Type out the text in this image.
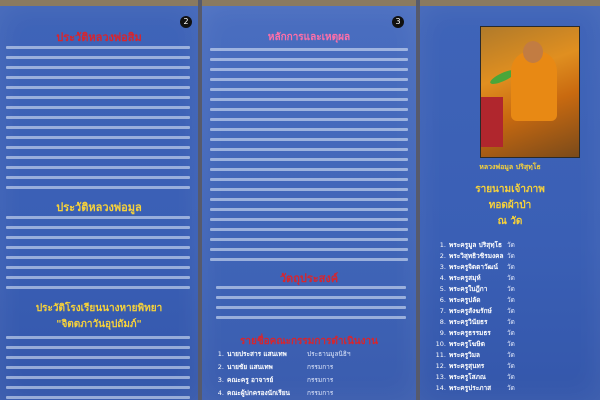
2
ประวัติหลวงพ่อสิม
ประวัติหลวงพ่อมูล
ประวัติโรงเรียนนางหายพิทยา
"จิตตภาวันอุปถัมภ์"
3
หลักการและเหตุผล
วัตถุประสงค์
รายชื่อคณะกรรมการดำเนินงาน
1. นายประสาร แสนเทพ	ประธานมูลนิธิฯ
2. นายชัย แสนเทพ	กรรมการ
3. คณะครู อาจารย์	กรรมการ
4. คณะผู้ปกครองนักเรียน	กรรมการ
หลวงพ่อมูล ปริสุทฺโธ
รายนามเจ้าภาพ
ทอดผ้าป่า
ณ วัด
1. พระครูมูล ปริสุทฺโธ วัด
2. พระวิสุทธิวชิรมงคล วัด
3. พระครูจิตตาวัฒน์ วัด
4. พระครูสมุห์	วัด
5. พระครูใบฎีกา	วัด
6. พระครูปลัด	วัด
7. พระครูสังฆรักษ์ วัด
8. พระครูวินัยธร	วัด
9. พระครูธรรมธร วัด
10. พระครูโฆษิต	วัด
11. พระครูวิมล	วัด
12. พระครูสุนทร	วัด
13. พระครูโสภณ	วัด
14. พระครูประภาส วัด
